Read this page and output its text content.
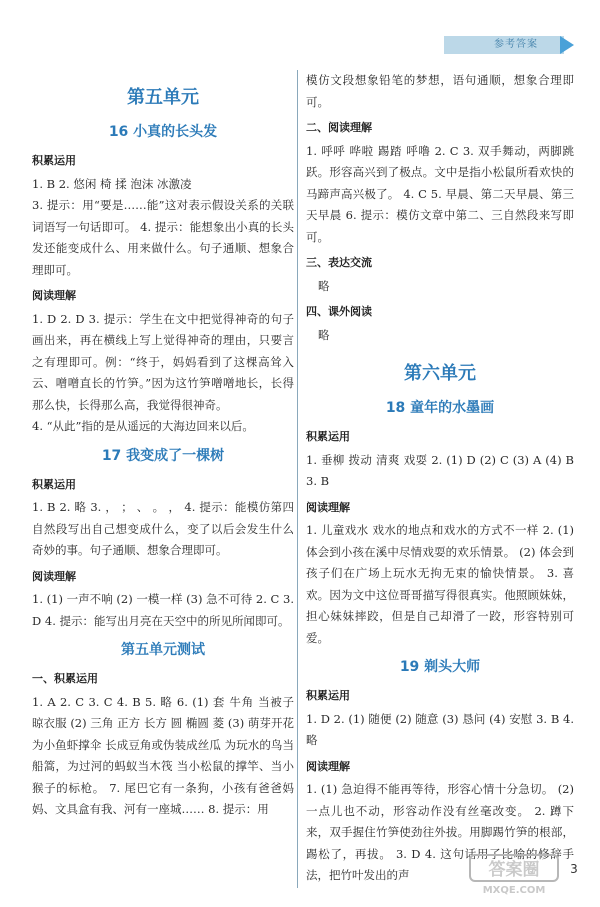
参考答案
第五单元
16 小真的长头发
积累运用
1. B 2. 悠闲 椅 揉 泡沫 冰激凌
3. 提示：用“要是……能”这对表示假设关系的关联词语写一句话即可。 4. 提示：能想象出小真的长头发还能变成什么、用来做什么。句子通顺、想象合理即可。
阅读理解
1. D 2. D 3. 提示：学生在文中把觉得神奇的句子画出来，再在横线上写上觉得神奇的理由，只要言之有理即可。例：“终于，妈妈看到了这棵高耸入云、噌噌直长的竹笋。”因为这竹笋噌噌地长，长得那么快，长得那么高，我觉得很神奇。
4. “从此”指的是从遥远的大海边回来以后。
17 我变成了一棵树
积累运用
1. B 2. 略 3. ， ； 、 。 ， 4. 提示：能模仿第四自然段写出自己想变成什么，变了以后会发生什么奇妙的事。句子通顺、想象合理即可。
阅读理解
1. (1) 一声不响 (2) 一模一样 (3) 急不可待 2. C 3. D 4. 提示：能写出月亮在天空中的所见所闻即可。
第五单元测试
一、积累运用
1. A 2. C 3. C 4. B 5. 略 6. (1) 套 牛角 当被子 晾衣服 (2) 三角 正方 长方 圆 椭圆 菱 (3) 萌芽开花 为小鱼虾撑伞 长成豆角或伪装成丝瓜 为玩水的鸟当船篙，为过河的蚂蚁当木筏 当小松鼠的撑竿、当小猴子的标枪。 7. 尾巴它有一条狗，小孩有爸爸妈妈、文具盒有我、河有一座城…… 8. 提示：用
模仿文段想象铅笔的梦想，语句通顺，想象合理即可。
二、阅读理解
1. 呼呼 哗啦 踢踏 呼噜 2. C 3. 双手舞动，两脚跳跃。形容高兴到了极点。文中是指小松鼠所看欢快的马蹄声高兴极了。 4. C 5. 早晨、第二天早晨、第三天早晨 6. 提示：模仿文章中第二、三自然段来写即可。
三、表达交流
略
四、课外阅读
略
第六单元
18 童年的水墨画
积累运用
1. 垂柳 拨动 清爽 戏耍 2. (1) D (2) C (3) A (4) B 3. B
阅读理解
1. 儿童戏水 戏水的地点和戏水的方式不一样 2. (1) 体会到小孩在溪中尽情戏耍的欢乐情景。 (2) 体会到孩子们在广场上玩水无拘无束的愉快情景。 3. 喜欢。因为文中这位哥哥描写得很真实。他照顾妹妹，担心妹妹摔跤，但是自己却滑了一跤，形容特别可爱。
19 剃头大师
积累运用
1. D 2. (1) 随便 (2) 随意 (3) 恳问 (4) 安慰 3. B 4. 略
阅读理解
1. (1) 急迫得不能再等待，形容心情十分急切。 (2) 一点儿也不动，形容动作没有丝毫改变。 2. 蹲下来，双手握住竹笋使劲往外拔。用脚踢竹笋的根部，踢松了，再拔。 3. D 4. 这句话用了比喻的修辞手法，把竹叶发出的声	答案圈
MXQE.COM
3
